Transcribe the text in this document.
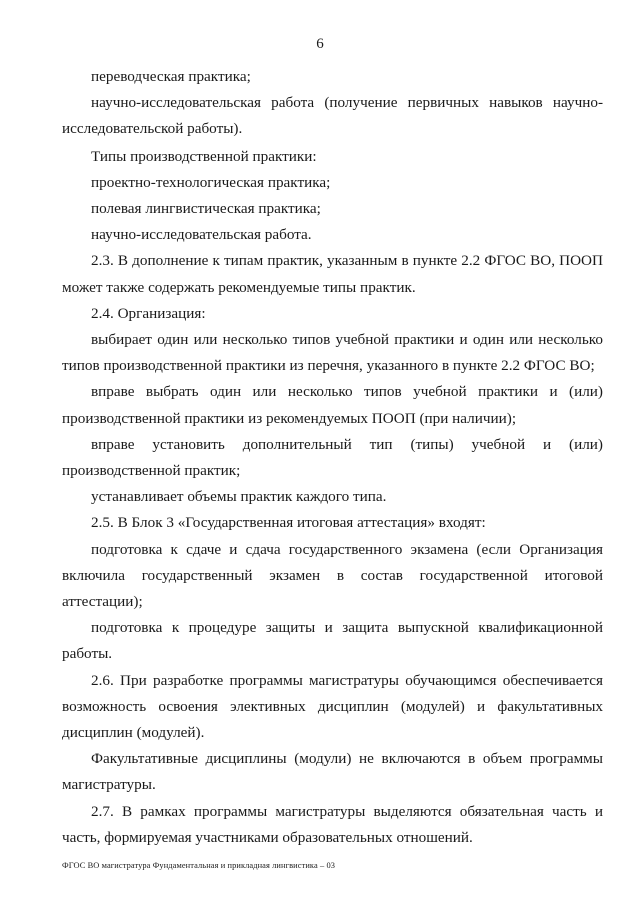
6

переводческая практика;

научно-исследовательская работа (получение первичных навыков научно-исследовательской работы).

Типы производственной практики:

проектно-технологическая практика;

полевая лингвистическая практика;

научно-исследовательская работа.

2.3. В дополнение к типам практик, указанным в пункте 2.2 ФГОС ВО, ПООП может также содержать рекомендуемые типы практик.

2.4. Организация:

выбирает один или несколько типов учебной практики и один или несколько типов производственной практики из перечня, указанного в пункте 2.2 ФГОС ВО;

вправе выбрать один или несколько типов учебной практики и (или) производственной практики из рекомендуемых ПООП (при наличии);

вправе установить дополнительный тип (типы) учебной и (или) производственной практик;

устанавливает объемы практик каждого типа.

2.5. В Блок 3 «Государственная итоговая аттестация» входят:

подготовка к сдаче и сдача государственного экзамена (если Организация включила государственный экзамен в состав государственной итоговой аттестации);

подготовка к процедуре защиты и защита выпускной квалификационной работы.

2.6. При разработке программы магистратуры обучающимся обеспечивается возможность освоения элективных дисциплин (модулей) и факультативных дисциплин (модулей).

Факультативные дисциплины (модули) не включаются в объем программы магистратуры.

2.7. В рамках программы магистратуры выделяются обязательная часть и часть, формируемая участниками образовательных отношений.

ФГОС ВО магистратура Фундаментальная и прикладная лингвистика – 03
